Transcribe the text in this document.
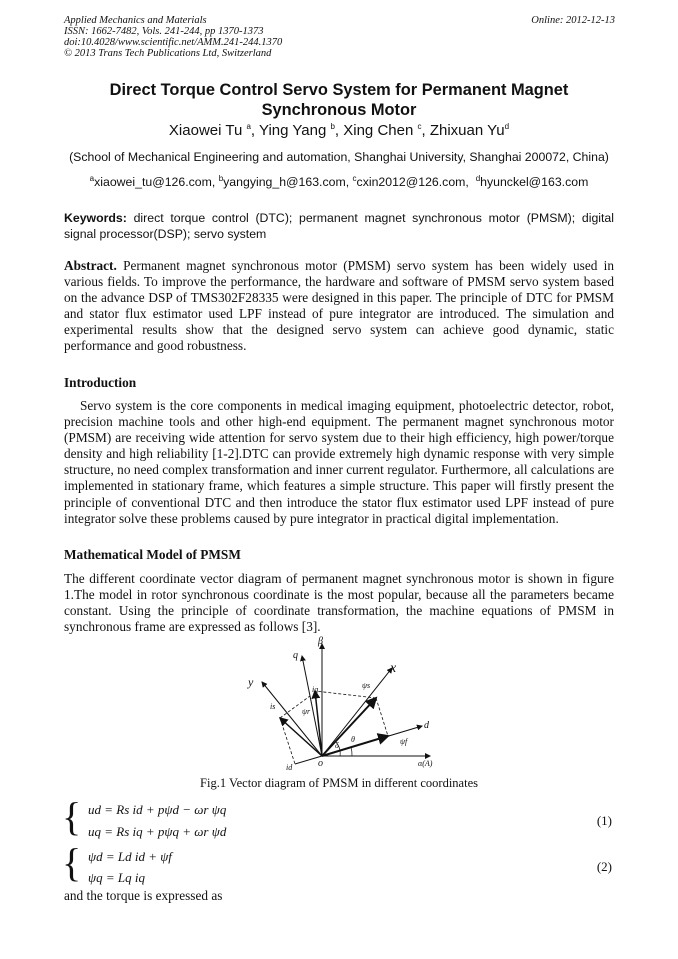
Applied Mechanics and Materials
ISSN: 1662-7482, Vols. 241-244, pp 1370-1373
doi:10.4028/www.scientific.net/AMM.241-244.1370
© 2013 Trans Tech Publications Ltd, Switzerland
Online: 2012-12-13
Direct Torque Control Servo System for Permanent Magnet Synchronous Motor
Xiaowei Tu $^a$, Ying Yang $^b$, Xing Chen $^c$, Zhixuan Yu$^d$
(School of Mechanical Engineering and automation, Shanghai University, Shanghai 200072, China)
$^a$xiaowei_tu@126.com, $^b$yangying_h@163.com, $^c$cxin2012@126.com, $^d$hyunckel@163.com
Keywords: direct torque control (DTC); permanent magnet synchronous motor (PMSM); digital signal processor(DSP); servo system
Abstract. Permanent magnet synchronous motor (PMSM) servo system has been widely used in various fields. To improve the performance, the hardware and software of PMSM servo system based on the advance DSP of TMS302F28335 were designed in this paper. The principle of DTC for PMSM and stator flux estimator used LPF instead of pure integrator are introduced. The simulation and experimental results show that the designed servo system can achieve good dynamic, static performance and good robustness.
Introduction
Servo system is the core components in medical imaging equipment, photoelectric detector, robot, precision machine tools and other high-end equipment. The permanent magnet synchronous motor (PMSM) are receiving wide attention for servo system due to their high efficiency, high power/torque density and high reliability [1-2].DTC can provide extremely high dynamic response with very simple structure, no need complex transformation and inner current regulator. Furthermore, all calculations are implemented in stationary frame, which features a simple structure. This paper will firstly present the principle of conventional DTC and then introduce the stator flux estimator used LPF instead of pure integrator solve these problems caused by pure integrator in practical digital implementation.
Mathematical Model of PMSM
The different coordinate vector diagram of permanent magnet synchronous motor is shown in figure 1.The model in rotor synchronous coordinate is the most popular, because all the parameters became constant. Using the principle of coordinate transformation, the machine equations of PMSM in synchronous frame are expressed as follows [3].
β
q
x
y
d
α(A)
o
ψs
ψf
ψr
θ
δ
is
iq
id
Fig.1 Vector diagram of PMSM in different coordinates
{ ud = Rs id + pψd − ωr ψq
uq = Rs iq + pψq + ωr ψd
(1)
{ ψd = Ld id + ψf
ψq = Lq iq
(2)
and the torque is expressed as
